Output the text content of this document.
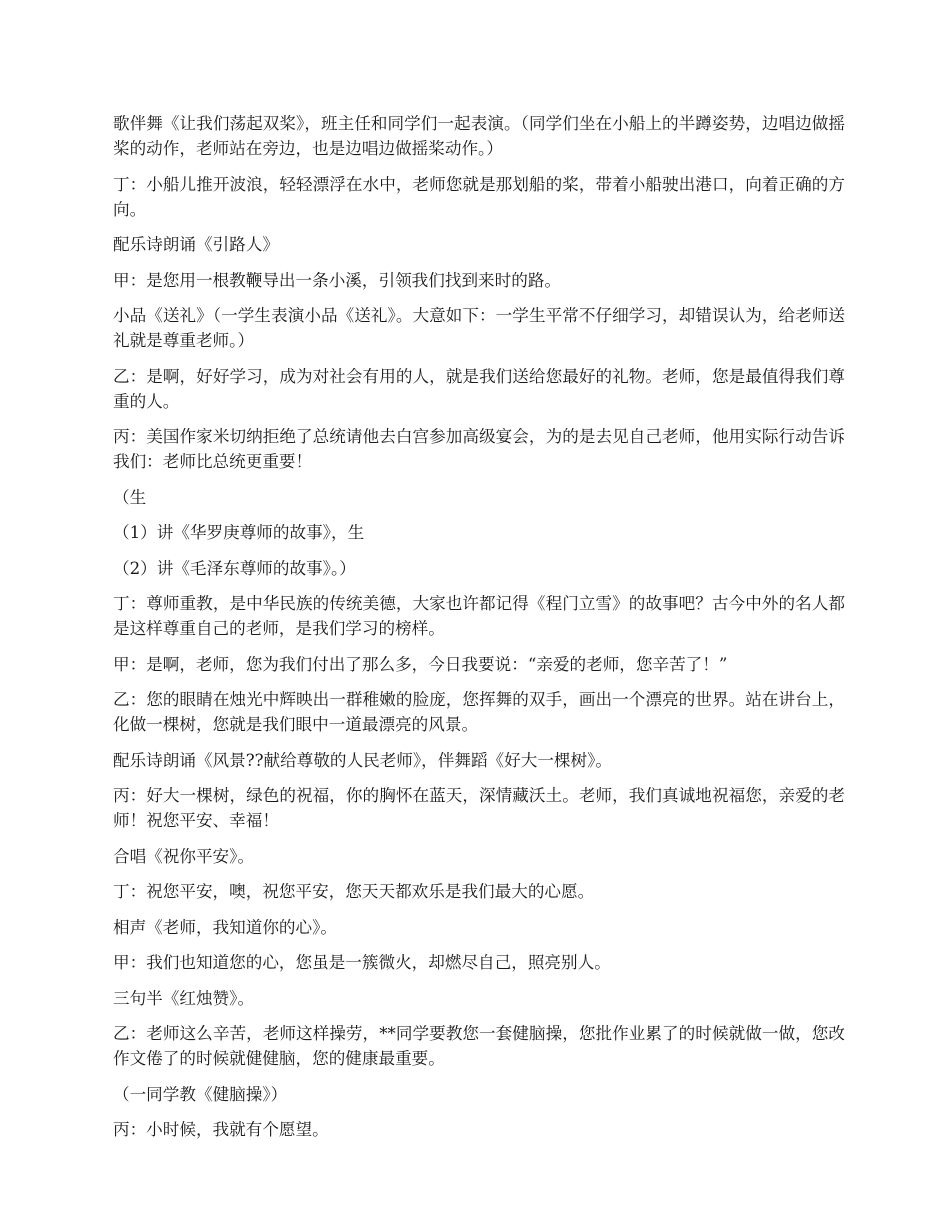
歌伴舞《让我们荡起双桨》，班主任和同学们一起表演。（同学们坐在小船上的半蹲姿势，边唱边做摇桨的动作，老师站在旁边，也是边唱边做摇桨动作。）

丁：小船儿推开波浪，轻轻漂浮在水中，老师您就是那划船的桨，带着小船驶出港口，向着正确的方向。

配乐诗朗诵《引路人》

甲：是您用一根教鞭导出一条小溪，引领我们找到来时的路。

小品《送礼》（一学生表演小品《送礼》。大意如下：一学生平常不仔细学习，却错误认为，给老师送礼就是尊重老师。）

乙：是啊，好好学习，成为对社会有用的人，就是我们送给您最好的礼物。老师，您是最值得我们尊重的人。

丙：美国作家米切纳拒绝了总统请他去白宫参加高级宴会，为的是去见自己老师，他用实际行动告诉我们：老师比总统更重要！

（生

（1）讲《华罗庚尊师的故事》，生

（2）讲《毛泽东尊师的故事》。）

丁：尊师重教，是中华民族的传统美德，大家也许都记得《程门立雪》的故事吧？古今中外的名人都是这样尊重自己的老师，是我们学习的榜样。

甲：是啊，老师，您为我们付出了那么多，今日我要说：“亲爱的老师，您辛苦了！”

乙：您的眼睛在烛光中辉映出一群稚嫩的脸庞，您挥舞的双手，画出一个漂亮的世界。站在讲台上，化做一棵树，您就是我们眼中一道最漂亮的风景。

配乐诗朗诵《风景??献给尊敬的人民老师》，伴舞蹈《好大一棵树》。

丙：好大一棵树，绿色的祝福，你的胸怀在蓝天，深情藏沃土。老师，我们真诚地祝福您，亲爱的老师！祝您平安、幸福！

合唱《祝你平安》。

丁：祝您平安，噢，祝您平安，您天天都欢乐是我们最大的心愿。

相声《老师，我知道你的心》。

甲：我们也知道您的心，您虽是一簇微火，却燃尽自己，照亮别人。

三句半《红烛赞》。

乙：老师这么辛苦，老师这样操劳，**同学要教您一套健脑操，您批作业累了的时候就做一做，您改作文倦了的时候就健健脑，您的健康最重要。

（一同学教《健脑操》）

丙：小时候，我就有个愿望。
